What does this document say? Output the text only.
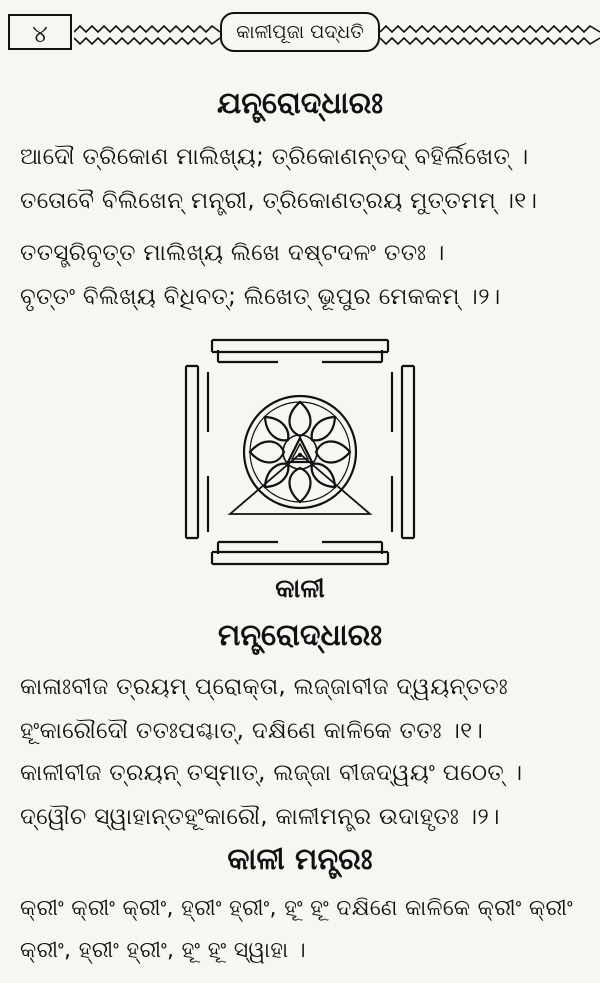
୪	କାଳୀପୂଜା ପଦ୍ଧତି
ଯନ୍ତ୍ରୋଦ୍ଧାରଃ
ଆଦୌ ତ୍ରିକୋଣ ମାଲିଖ୍ୟ; ତ୍ରିକୋଣନ୍ତଦ୍ ବହିର୍ଲିଖେତ୍ ।
ତତୋବୈ ବିଲିଖେନ୍ ମନ୍ତ୍ରୀ, ତ୍ରିକୋଣତ୍ରୟ ମୁତ୍ତମମ୍ ।୧।
ତତସ୍ତ୍ରିବୃତ୍ତ ମାଲିଖ୍ୟ ଲିଖେ ଦଷ୍ଟଦଳଂ ତତଃ ।
ବୃତ୍ତଂ ବିଲିଖ୍ୟ ବିଧିବତ୍; ଲିଖେତ୍ ଭୂପୁର ମେକକମ୍ ।୨।
କାଳୀ
ମନ୍ତ୍ରୋଦ୍ଧାରଃ
କାଳାଃବୀଜ ତ୍ରୟମ୍ ପ୍ରୋକ୍ତା, ଲଜ୍ଜାବୀଜ ଦ୍ୱୟନ୍ତତଃ
ହୂଂକାରୌଦୌ ତତଃପଶ୍ଚାତ୍, ଦକ୍ଷିଣେ କାଳିକେ ତତଃ ।୧।
କାଳୀବୀଜ ତ୍ରୟନ୍ ତସ୍ମାତ୍, ଲଜ୍ଜା ବୀଜଦ୍ୱୟଂ ପଠେତ୍ ।
ଦ୍ୱୌଚ ସ୍ୱାହାନ୍ତହୂଂକାରୌ, କାଳୀମନ୍ତ୍ର ଉଦାହୃତଃ ।୨।
କାଳୀ ମନ୍ତ୍ରଃ
କ୍ରୀଂ କ୍ରୀଂ କ୍ରୀଂ, ହ୍ରୀଂ ହ୍ରୀଂ, ହୂଂ ହୂଂ ଦକ୍ଷିଣେ କାଳିକେ କ୍ରୀଂ କ୍ରୀଂ
କ୍ରୀଂ, ହ୍ରୀଂ ହ୍ରୀଂ, ହୂଂ ହୂଂ ସ୍ୱାହା ।
